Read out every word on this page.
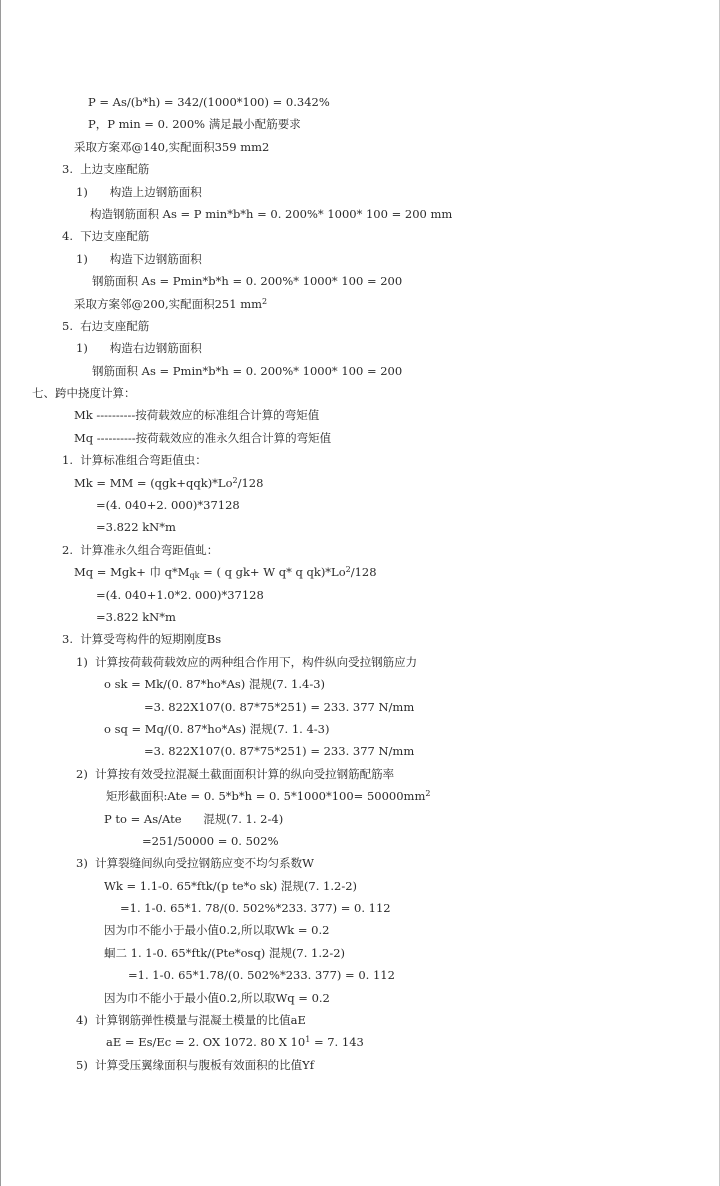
P = As/(b*h) = 342/(1000*100) = 0.342%
P，P min = 0. 200% 满足最小配筋要求
采取方案邓@140,实配面积359 mm2
3.  上边支座配筋
1)      构造上边钢筋面积
构造钢筋面积 As = P min*b*h = 0. 200%* 1000* 100 = 200 mm
4.  下边支座配筋
1)      构造下边钢筋面积
钢筋面积 As = Pmin*b*h = 0. 200%* 1000* 100 = 200
采取方案邻@200,实配面积251 $mm^2$
5.  右边支座配筋
1)      构造右边钢筋面积
钢筋面积 As = Pmin*b*h = 0. 200%* 1000* 100 = 200
七、跨中挠度计算：
Mk ----------按荷载效应的标准组合计算的弯矩值
Mq ----------按荷载效应的准永久组合计算的弯矩值
1.  计算标准组合弯距值虫：
Mk = MM = $(qgk+qqk)*Lo^2/128$
=(4. 040+2. 000)*37128
=3.822 kN*m
2.  计算准永久组合弯距值虬：
Mq = Mgk+ 巾 $q*M_{qk}$ = ( q gk+ W q* q $qk)*Lo^2/128$
=(4. 040+1.0*2. 000)*37128
=3.822 kN*m
3.  计算受弯构件的短期刚度Bs
1)  计算按荷载荷载效应的两种组合作用下，构件纵向受拉钢筋应力
o sk = Mk/(0. 87*ho*As) 混规(7. 1.4-3)
=3. 822X107(0. 87*75*251) = 233. 377 N/mm
o sq = Mq/(0. 87*ho*As) 混规(7. 1. 4-3)
=3. 822X107(0. 87*75*251) = 233. 377 N/mm
2)  计算按有效受拉混凝土截面面积计算的纵向受拉钢筋配筋率
矩形截面积:Ate = 0. 5*b*h = 0. $5*1000*100= 50000mm^2$
P to = As/Ate      混规(7. 1. 2-4)
=251/50000 = 0. 502%
3)  计算裂缝间纵向受拉钢筋应变不均匀系数W
Wk = 1.1-0. 65*ftk/(p te*o sk) 混规(7. 1.2-2)
=1. 1-0. 65*1. 78/(0. 502%*233. 377) = 0. 112
因为巾不能小于最小值0.2,所以取Wk = 0.2
蛔二 1. 1-0. 65*ftk/(Pte*osq) 混规(7. 1.2-2)
=1. 1-0. 65*1.78/(0. 502%*233. 377) = 0. 112
因为巾不能小于最小值0.2,所以取Wq = 0.2
4)  计算钢筋弹性模量与混凝土模量的比值aE
aE = Es/Ec = 2. OX 1072. 80 X $10^1 = 7$. 143
5)  计算受压翼缘面积与腹板有效面积的比值Yf
